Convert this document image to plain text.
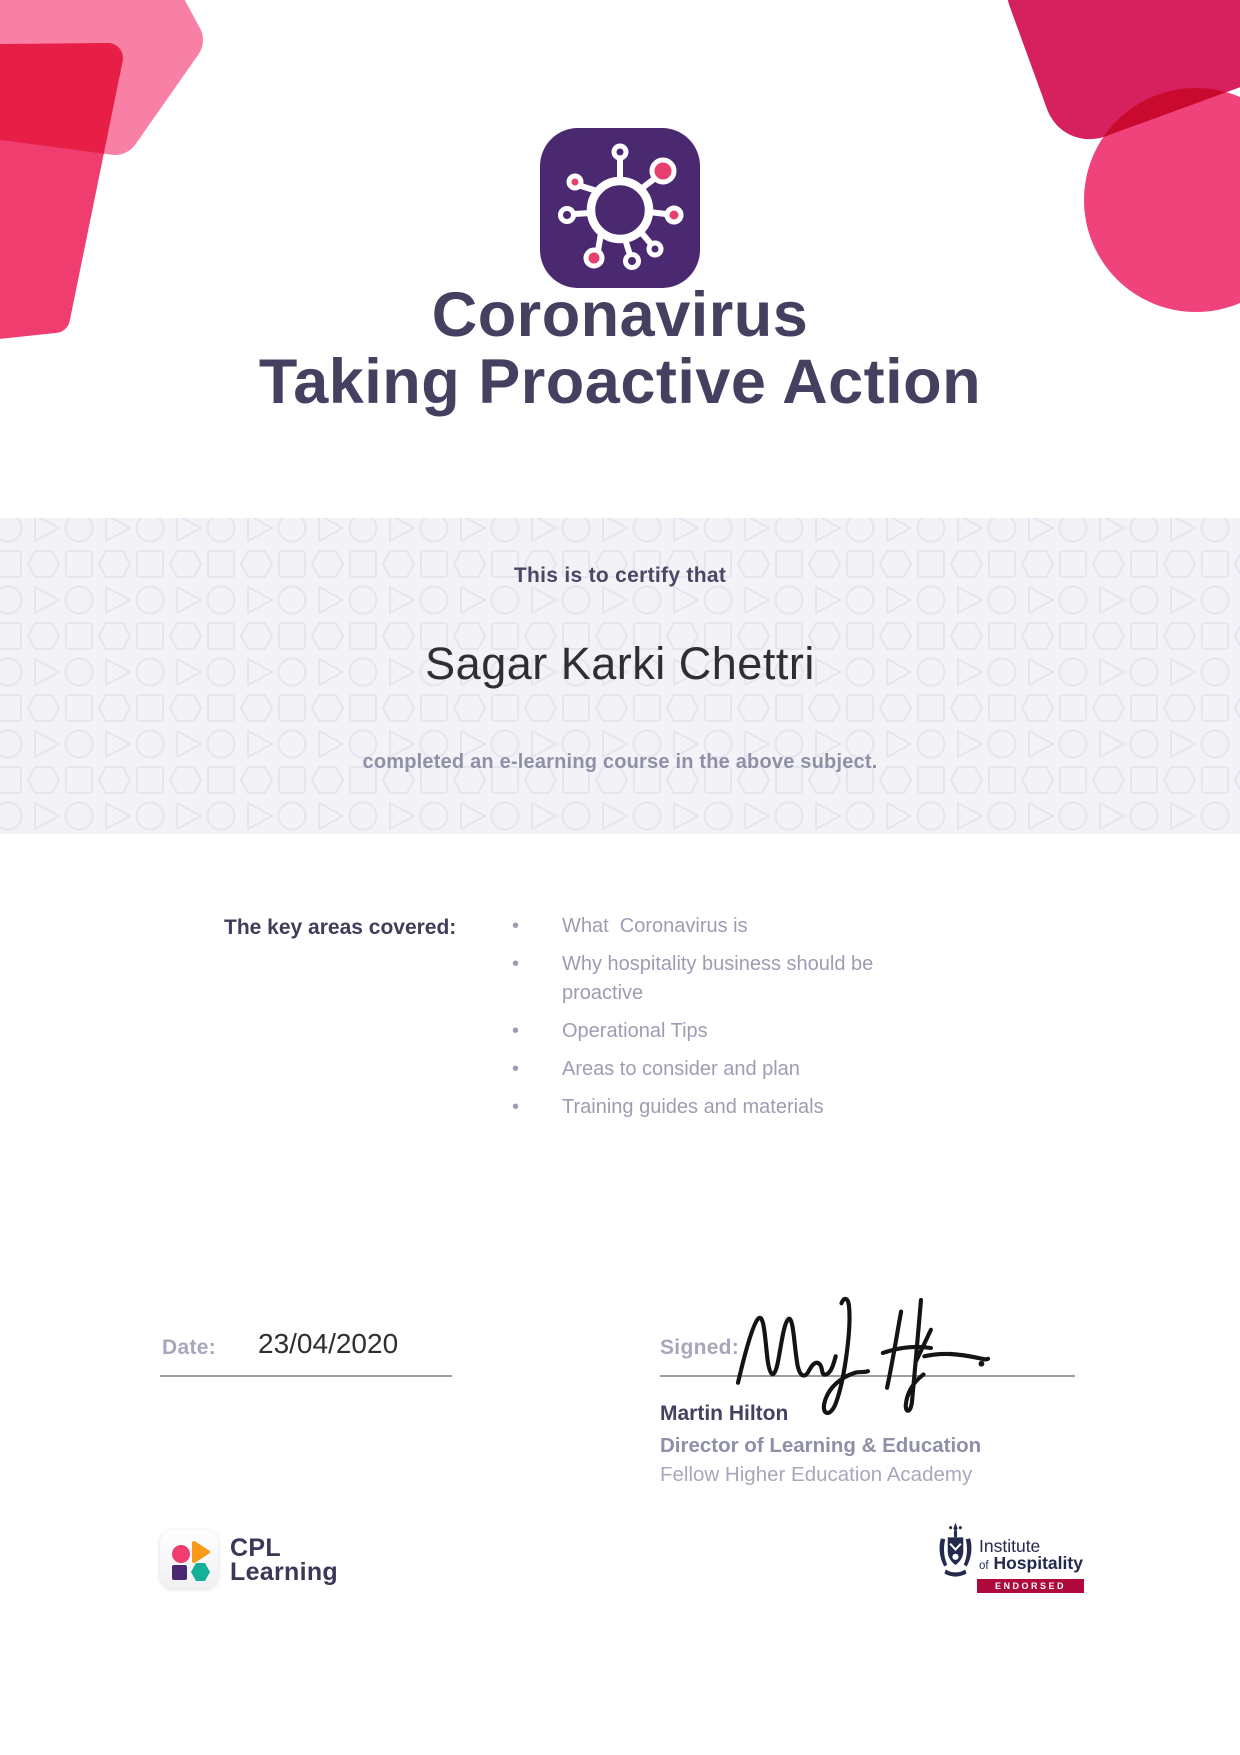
Coronavirus
Taking Proactive Action
This is to certify that
Sagar Karki Chettri
completed an e-learning course in the above subject.
The key areas covered:	• What  Coronavirus is
• Why hospitality business should be proactive
• Operational Tips
• Areas to consider and plan
• Training guides and materials
Date: 23/04/2020	Signed:
Martin Hilton
Director of Learning & Education
Fellow Higher Education Academy
CPL
Learning
Institute
of Hospitality
ENDORSED
